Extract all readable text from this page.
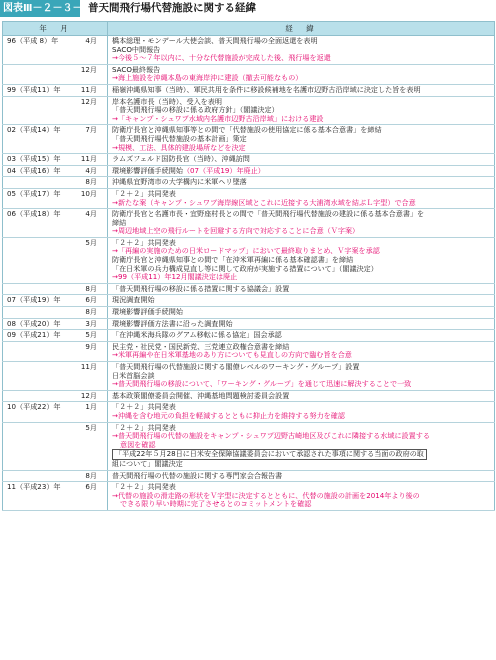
図表Ⅲ－２－３－４
普天間飛行場代替施設に関する経緯
年　月	経　緯
96（平成 8）年 4月	橋本総理・モンデール大使会談、普天間飛行場の全面返還を表明
SACO中間報告
→今後５～７年以内に、十分な代替施設が完成した後、飛行場を返還

12月	SACO最終報告
→海上施設を沖縄本島の東海岸沖に建設（撤去可能なもの）

99（平成11）年 11月	稲嶺沖縄県知事（当時）、軍民共用を条件に移設候補地を名護市辺野古沿岸域に決定した旨を表明

12月	岸本名護市長（当時）、受入を表明
「普天間飛行場の移設に係る政府方針」（閣議決定）
→「キャンプ・シュワブ水域内名護市辺野古沿岸域」における建設

02（平成14）年 7月	防衛庁長官と沖縄県知事等との間で「代替施設の使用協定に係る基本合意書」を締結
「普天間飛行場代替施設の基本計画」策定
→規模、工法、具体的建設場所などを決定

03（平成15）年 11月	ラムズフェルド国防長官（当時）、沖縄訪問

04（平成16）年 4月	環境影響評価手続開始（07（平成19）年廃止）

8月	沖縄県宜野湾市の大学構内に米軍ヘリ墜落

05（平成17）年 10月	「２＋２」共同発表
→新たな案（キャンプ・シュワブ海岸線区域とこれに近接する大浦湾水域を結ぶＬ字型）で合意

06（平成18）年 4月	防衛庁長官と名護市長・宜野座村長との間で「普天間飛行場代替施設の建設に係る基本合意書」を
締結
→周辺地域上空の飛行ルートを回避する方向で対応することに合意（Ｖ字案）

5月	「２＋２」共同発表
→「再編の実施のための日米ロードマップ」において最終取りまとめ、Ｖ字案を承認
防衛庁長官と沖縄県知事との間で「在沖米軍再編に係る基本確認書」を締結
「在日米軍の兵力構成見直し等に関して政府が実施する措置について」（閣議決定）
→99（平成11）年12月閣議決定は廃止

8月	「普天間飛行場の移設に係る措置に関する協議会」設置

07（平成19）年 6月	現況調査開始

8月	環境影響評価手続開始

08（平成20）年 3月	環境影響評価方法書に沿った調査開始

09（平成21）年 5月	「在沖縄米海兵隊のグアム移転に係る協定」国会承認

9月	民主党・社民党・国民新党、三党連立政権合意書を締結
→米軍再編や在日米軍基地のあり方についても見直しの方向で臨む旨を合意

11月	「普天間飛行場の代替施設に関する閣僚レベルのワーキング・グループ」設置
日米首脳会談
→普天間飛行場の移設について、「ワーキング・グループ」を通じて迅速に解決することで一致

12月	基本政策閣僚委員会開催、沖縄基地問題検討委員会設置

10（平成22）年 1月	「２＋２」共同発表
→沖縄を含む地元の負担を軽減するとともに抑止力を維持する努力を確認

5月	「２＋２」共同発表
→普天間飛行場の代替の施設をキャンプ・シュワブ辺野古崎地区及びこれに隣接する水域に設置する
意図を確認
「平成22年５月28日に日米安全保障協議委員会において承認された事項に関する当面の政府の取
組について」閣議決定

8月	普天間飛行場の代替の施設に関する専門家会合報告書

11（平成23）年 6月	「２＋２」共同発表
→代替の施設の滑走路の形状をＶ字型に決定するとともに、代替の施設の計画を2014年より後の
できる限り早い時期に完了させるとのコミットメントを確認
